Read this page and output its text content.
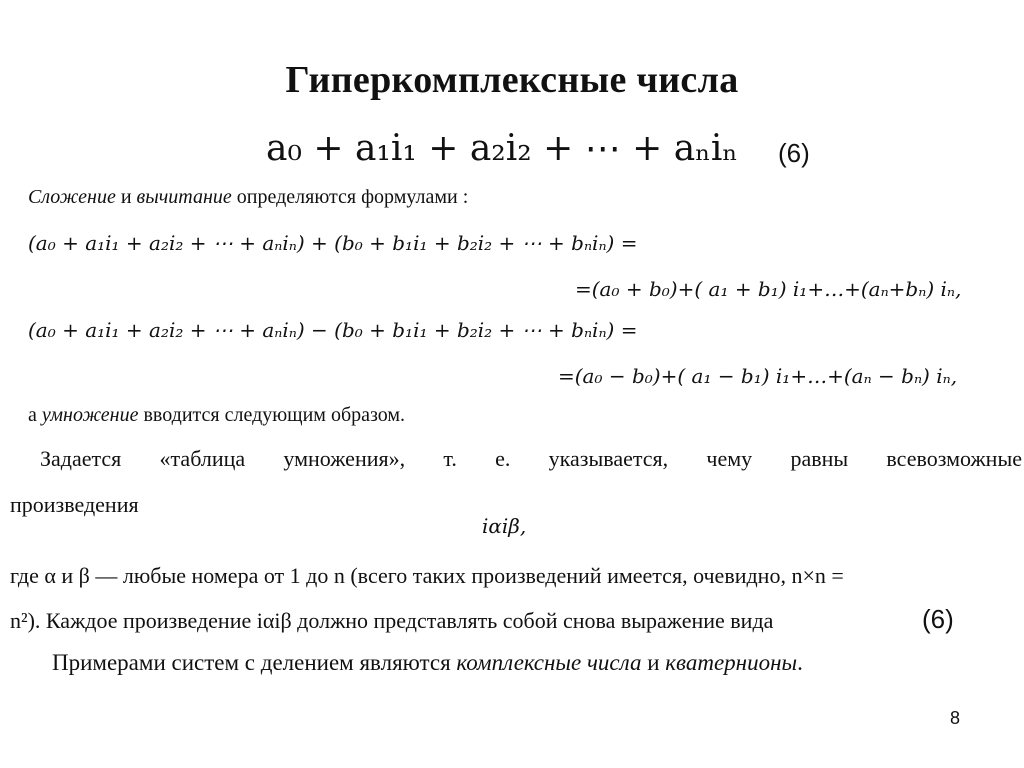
Гиперкомплексные числа
a₀ + a₁i₁ + a₂i₂ + ⋯ + aₙiₙ (6)
Сложение и вычитание определяются формулами :
(a₀ + a₁i₁ + a₂i₂ + ⋯ + aₙiₙ) + (b₀ + b₁i₁ + b₂i₂ + ⋯ + bₙiₙ) =
=(a₀ + b₀)+( a₁ + b₁) i₁+…+(aₙ+bₙ) iₙ,
(a₀ + a₁i₁ + a₂i₂ + ⋯ + aₙiₙ) − (b₀ + b₁i₁ + b₂i₂ + ⋯ + bₙiₙ) =
=(a₀ − b₀)+( a₁ − b₁) i₁+…+(aₙ − bₙ) iₙ,
а умножение вводится следующим образом.
Задается «таблица умножения», т. е. указывается, чему равны всевозможные
произведения
iαiβ,
где α и β — любые номера от 1 до n (всего таких произведений имеется, очевидно, n×n =
n²). Каждое произведение iαiβ должно представлять собой снова выражение вида	(6)
Примерами систем с делением являются комплексные числа и кватернионы.
8
